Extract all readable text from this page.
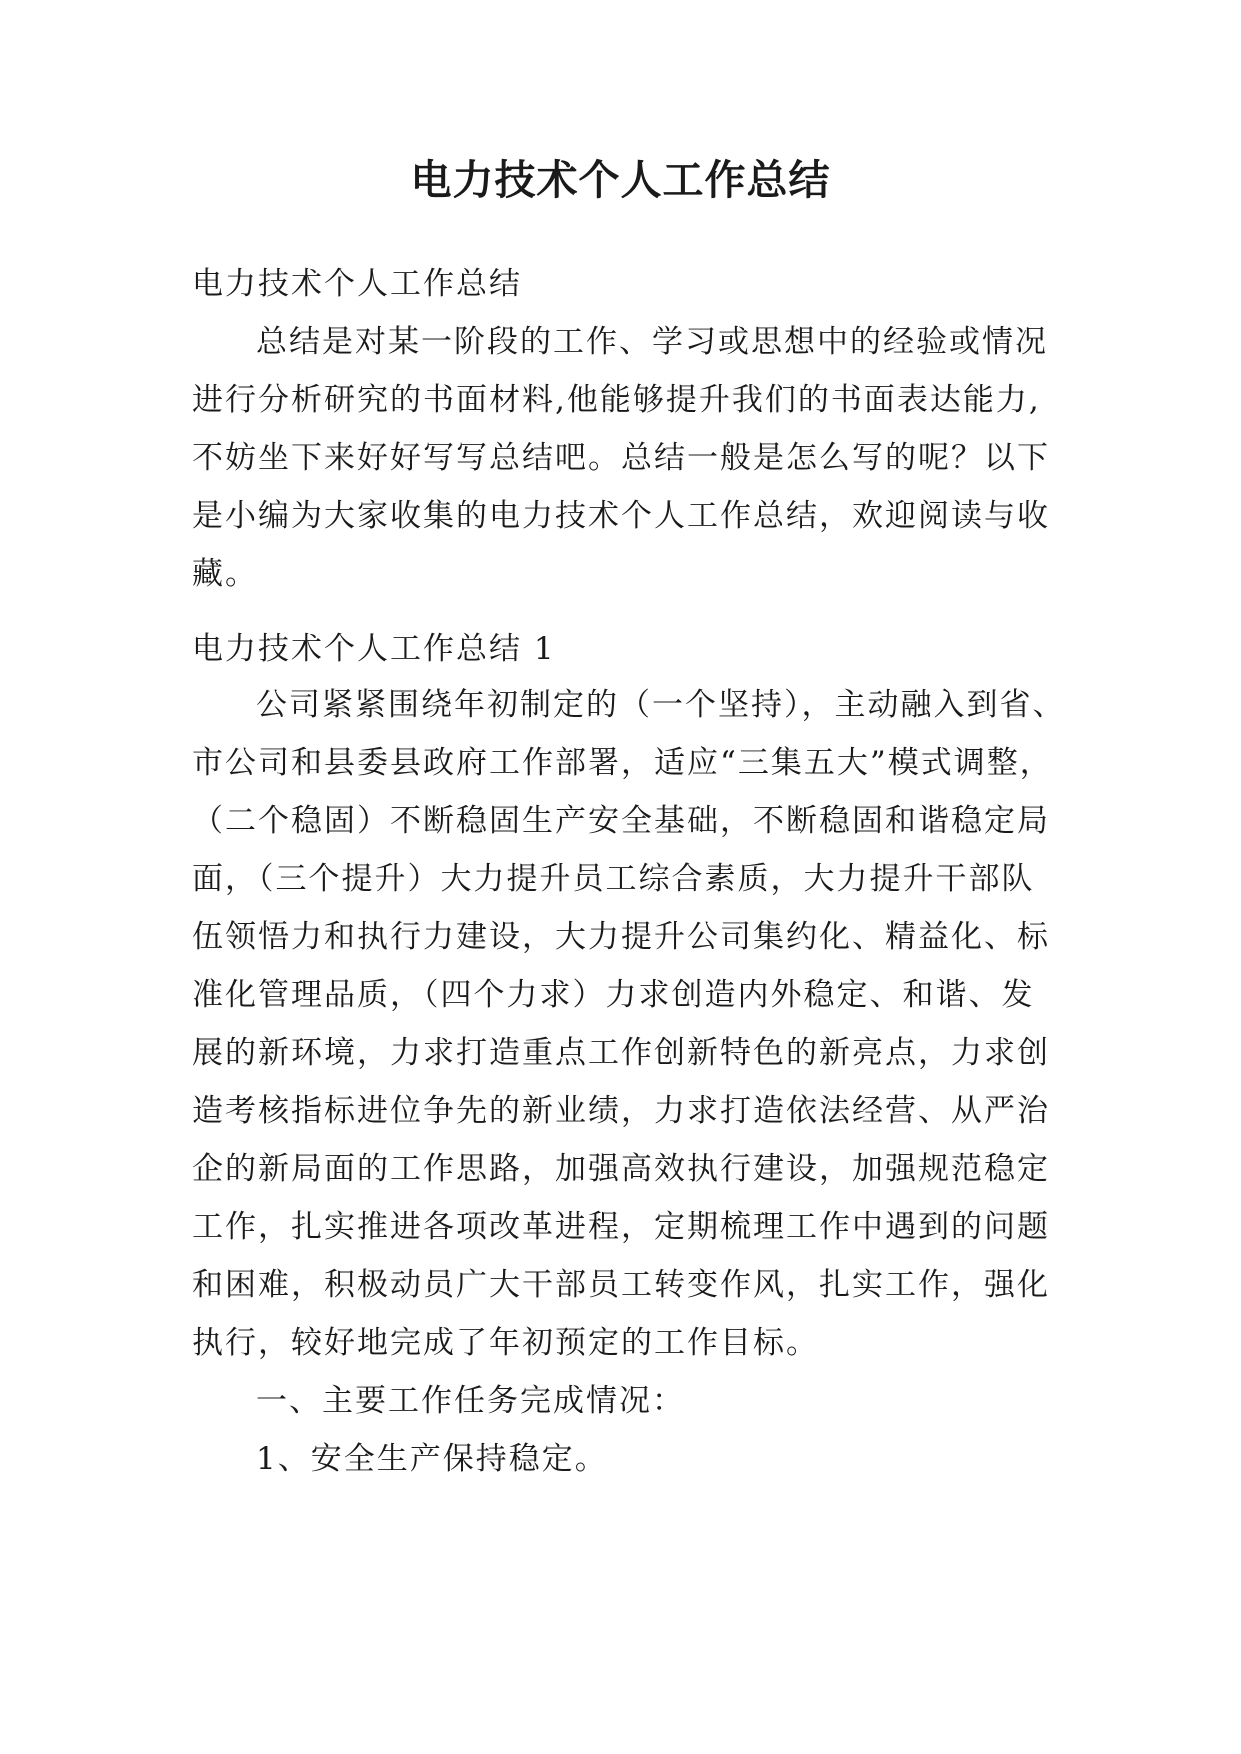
电力技术个人工作总结

电力技术个人工作总结

总结是对某一阶段的工作、学习或思想中的经验或情况
进行分析研究的书面材料,他能够提升我们的书面表达能力,
不妨坐下来好好写写总结吧。总结一般是怎么写的呢？以下
是小编为大家收集的电力技术个人工作总结，欢迎阅读与收
藏。

电力技术个人工作总结 1

公司紧紧围绕年初制定的（一个坚持），主动融入到省、
市公司和县委县政府工作部署，适应“三集五大”模式调整，
（二个稳固）不断稳固生产安全基础，不断稳固和谐稳定局
面，（三个提升）大力提升员工综合素质，大力提升干部队
伍领悟力和执行力建设，大力提升公司集约化、精益化、标
准化管理品质，（四个力求）力求创造内外稳定、和谐、发
展的新环境，力求打造重点工作创新特色的新亮点，力求创
造考核指标进位争先的新业绩，力求打造依法经营、从严治
企的新局面的工作思路，加强高效执行建设，加强规范稳定
工作，扎实推进各项改革进程，定期梳理工作中遇到的问题
和困难，积极动员广大干部员工转变作风，扎实工作，强化
执行，较好地完成了年初预定的工作目标。
一、主要工作任务完成情况：
1、安全生产保持稳定。
